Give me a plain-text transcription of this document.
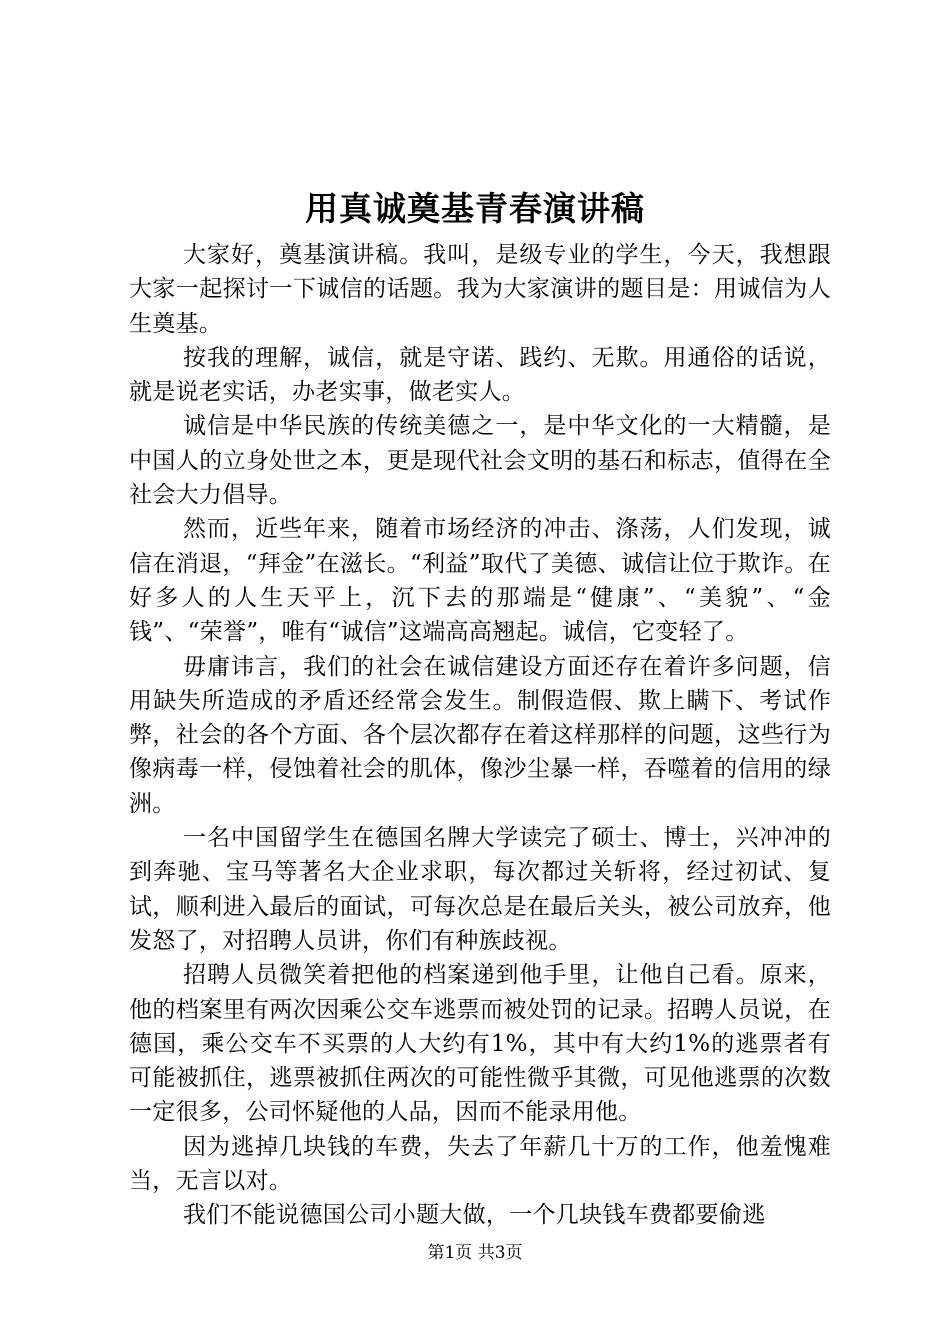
用真诚奠基青春演讲稿

大家好，奠基演讲稿。我叫，是级专业的学生，今天，我想跟大家一起探讨一下诚信的话题。我为大家演讲的题目是：用诚信为人生奠基。

按我的理解，诚信，就是守诺、践约、无欺。用通俗的话说，就是说老实话，办老实事，做老实人。

诚信是中华民族的传统美德之一，是中华文化的一大精髓，是中国人的立身处世之本，更是现代社会文明的基石和标志，值得在全社会大力倡导。

然而，近些年来，随着市场经济的冲击、涤荡，人们发现，诚信在消退，“拜金”在滋长。“利益”取代了美德、诚信让位于欺诈。在好多人的人生天平上，沉下去的那端是“健康”、“美貌”、“金钱”、“荣誉”，唯有“诚信”这端高高翘起。诚信，它变轻了。

毋庸讳言，我们的社会在诚信建设方面还存在着许多问题，信用缺失所造成的矛盾还经常会发生。制假造假、欺上瞒下、考试作弊，社会的各个方面、各个层次都存在着这样那样的问题，这些行为像病毒一样，侵蚀着社会的肌体，像沙尘暴一样，吞噬着的信用的绿洲。

一名中国留学生在德国名牌大学读完了硕士、博士，兴冲冲的到奔驰、宝马等著名大企业求职，每次都过关斩将，经过初试、复试，顺利进入最后的面试，可每次总是在最后关头，被公司放弃，他发怒了，对招聘人员讲，你们有种族歧视。

招聘人员微笑着把他的档案递到他手里，让他自己看。原来，他的档案里有两次因乘公交车逃票而被处罚的记录。招聘人员说，在德国，乘公交车不买票的人大约有1%，其中有大约1%的逃票者有可能被抓住，逃票被抓住两次的可能性微乎其微，可见他逃票的次数一定很多，公司怀疑他的人品，因而不能录用他。

因为逃掉几块钱的车费，失去了年薪几十万的工作，他羞愧难当，无言以对。

我们不能说德国公司小题大做，一个几块钱车费都要偷逃

第1页 共3页
